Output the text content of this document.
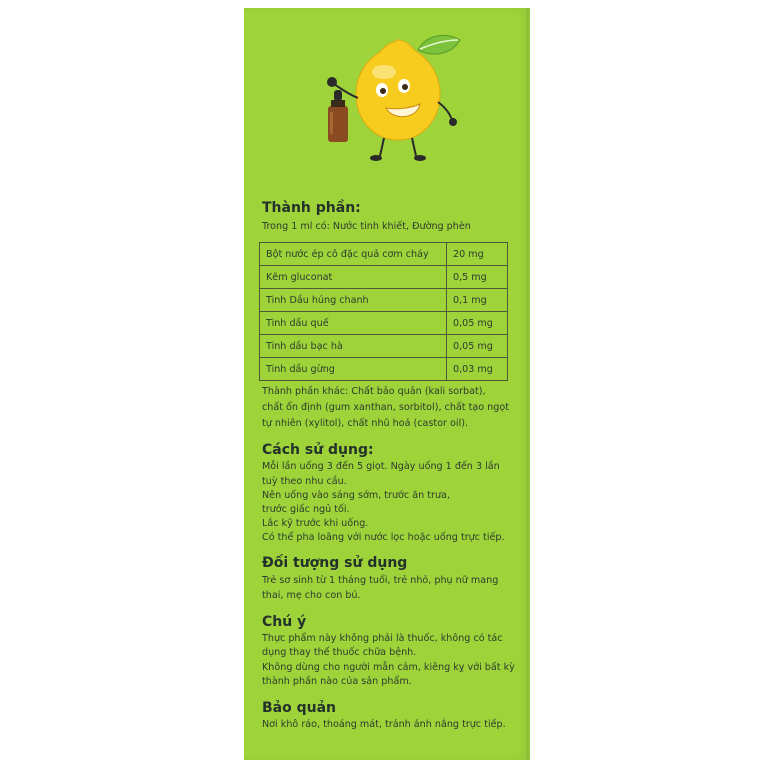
Thành phần:
Trong 1 ml có: Nước tinh khiết, Đường phèn
Bột nước ép cô đặc quả cơm cháy	20 mg
Kẽm gluconat	0,5 mg
Tinh Dầu húng chanh	0,1 mg
Tinh dầu quế	0,05 mg
Tinh dầu bạc hà	0,05 mg
Tinh dầu gừng	0,03 mg
Thành phần khác: Chất bảo quản (kali sorbat),
chất ổn định (gum xanthan, sorbitol), chất tạo ngọt
tự nhiên (xylitol), chất nhũ hoá (castor oil).
Cách sử dụng:
Mỗi lần uống 3 đến 5 giọt. Ngày uống 1 đến 3 lần
tuỳ theo nhu cầu.
Nên uống vào sáng sớm, trước ăn trưa,
trước giấc ngủ tối.
Lắc kỹ trước khi uống.
Có thể pha loãng với nước lọc hoặc uống trực tiếp.
Đối tượng sử dụng
Trẻ sơ sinh từ 1 tháng tuổi, trẻ nhỏ, phụ nữ mang
thai, mẹ cho con bú.
Chú ý
Thực phẩm này không phải là thuốc, không có tác
dụng thay thế thuốc chữa bệnh.
Không dùng cho người mẫn cảm, kiêng kỵ với bất kỳ
thành phần nào của sản phẩm.
Bảo quản
Nơi khô ráo, thoáng mát, tránh ánh nắng trực tiếp.
